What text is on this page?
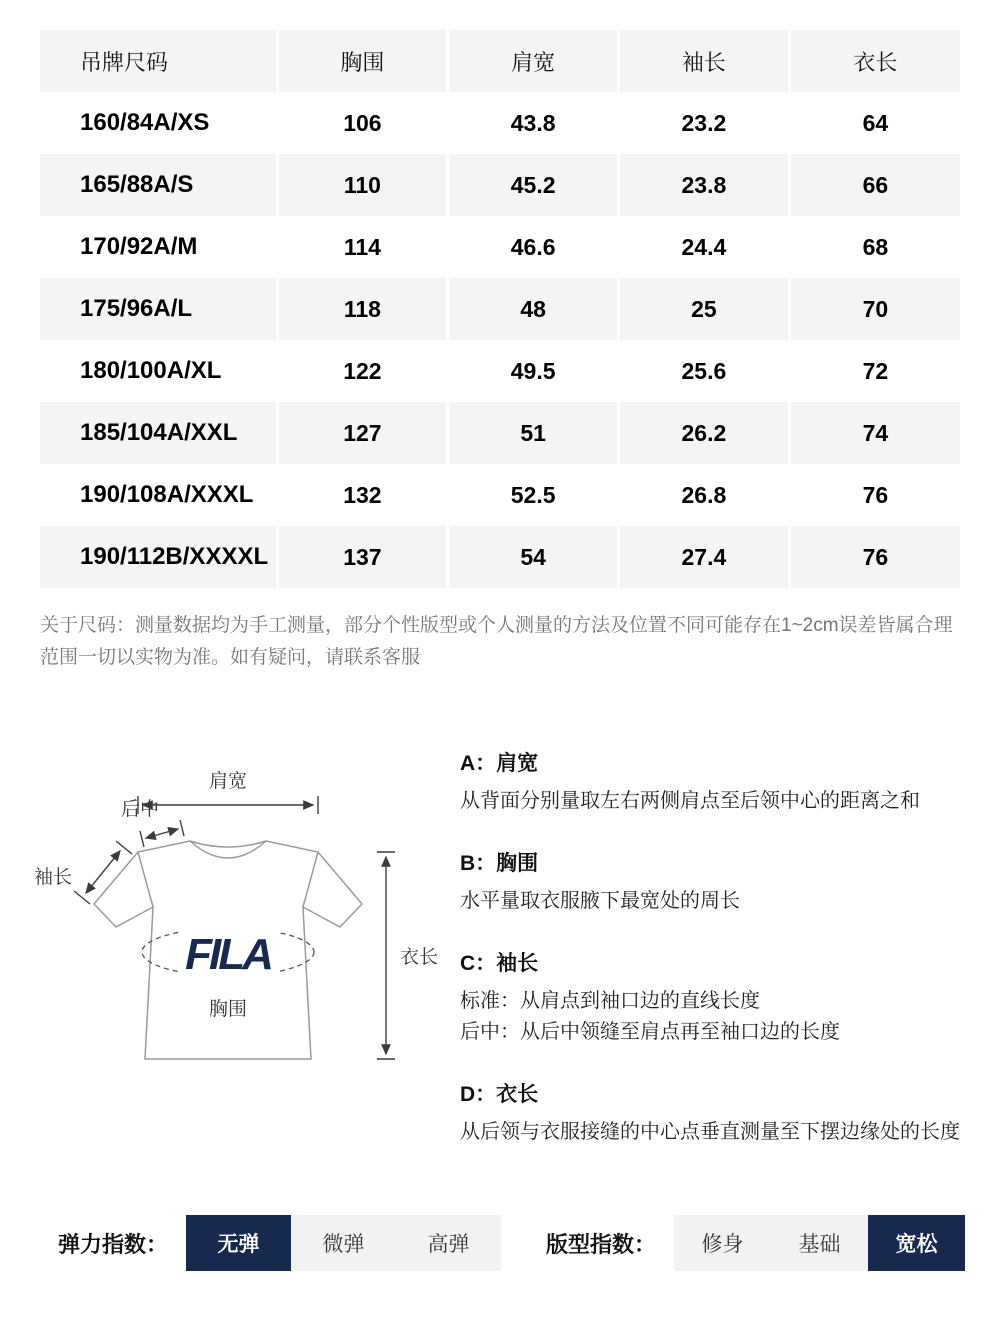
吊牌尺码	胸围	肩宽	袖长	衣长
160/84A/XS	106	43.8	23.2	64
165/88A/S	110	45.2	23.8	66
170/92A/M	114	46.6	24.4	68
175/96A/L	118	48	25	70
180/100A/XL	122	49.5	25.6	72
185/104A/XXL	127	51	26.2	74
190/108A/XXXL	132	52.5	26.8	76
190/112B/XXXXL	137	54	27.4	76
关于尺码：测量数据均为手工测量，部分个性版型或个人测量的方法及位置不同可能存在1~2cm误差皆属合理范围一切以实物为准。如有疑问，请联系客服
FILA
胸围
肩宽
后中
袖长
衣长
A：肩宽
从背面分别量取左右两侧肩点至后领中心的距离之和
B：胸围
水平量取衣服腋下最宽处的周长
C：袖长
标准：从肩点到袖口边的直线长度
后中：从后中领缝至肩点再至袖口边的长度
D：衣长
从后领与衣服接缝的中心点垂直测量至下摆边缘处的长度
弹力指数：	无弹	微弹	高弹	版型指数：	修身	基础	宽松
